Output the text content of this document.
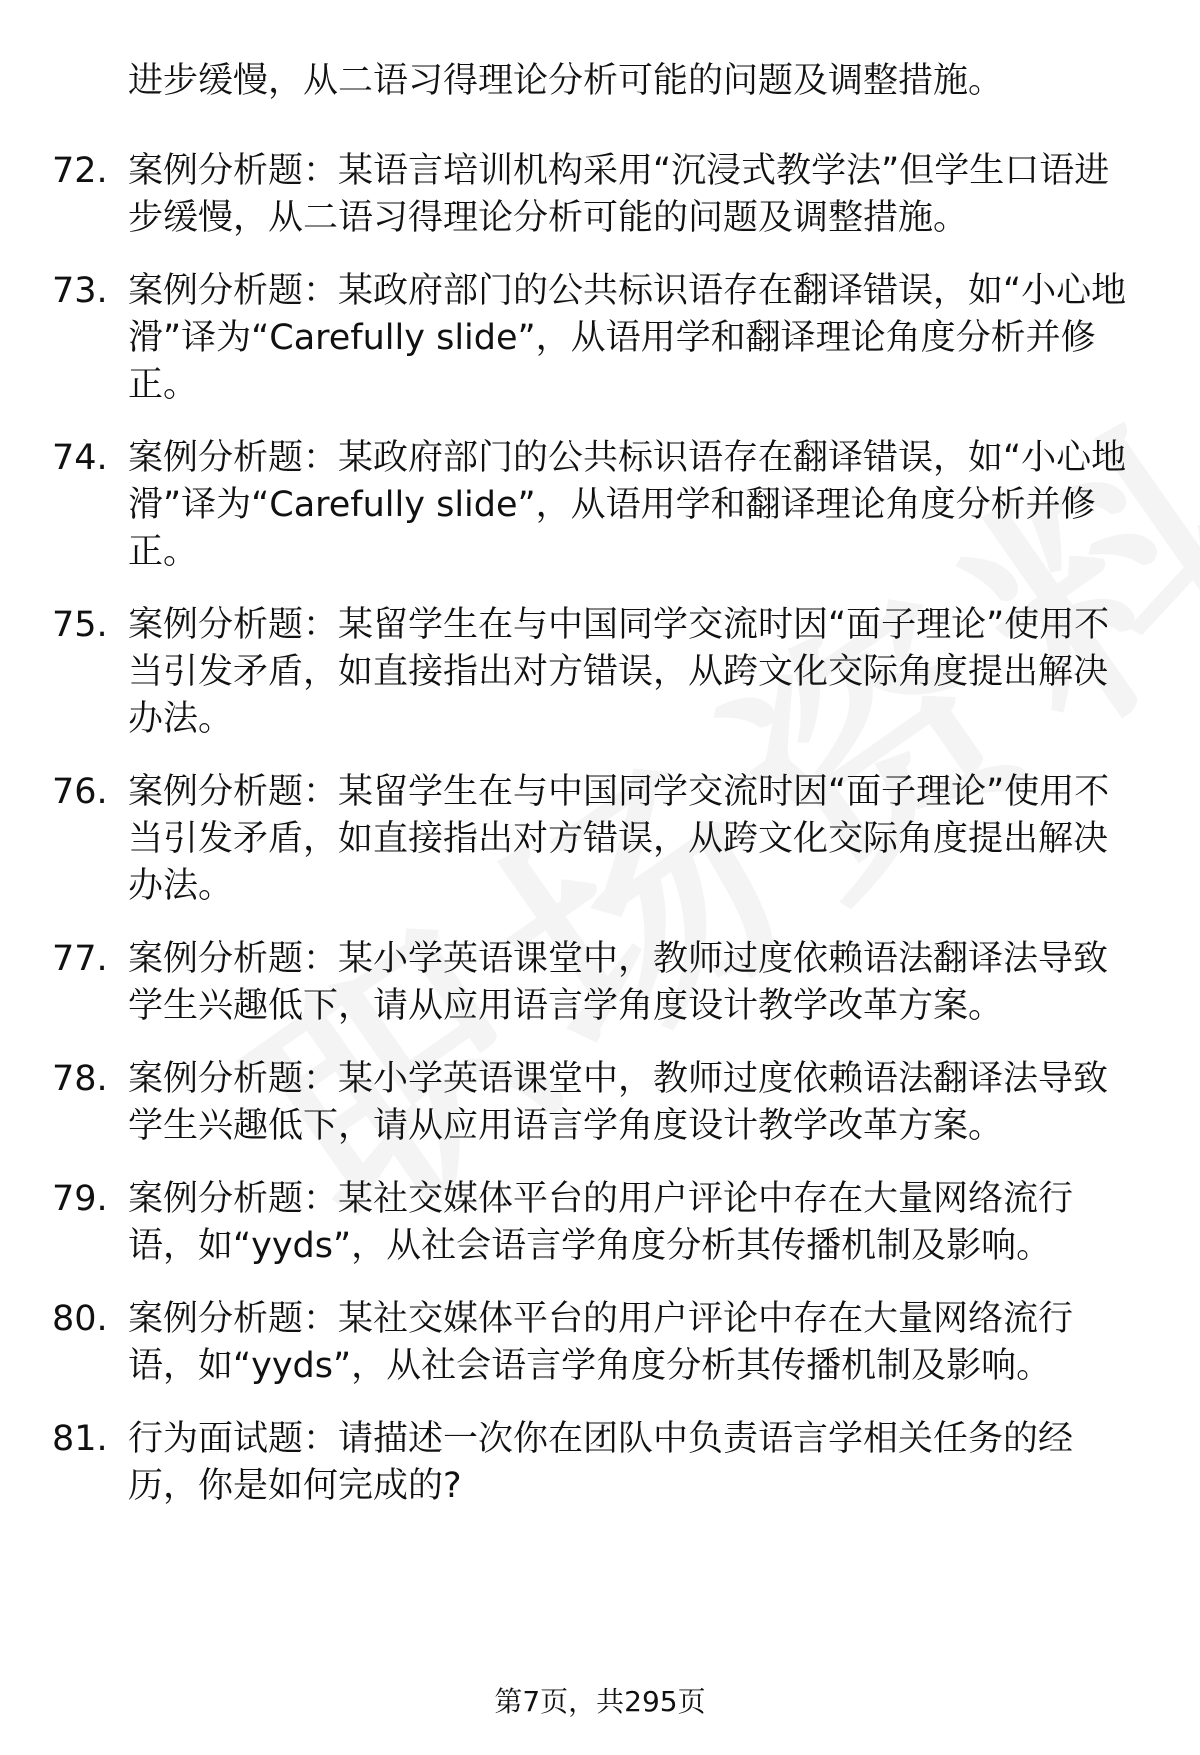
进步缓慢，从二语习得理论分析可能的问题及调整措施。
72. 案例分析题：某语言培训机构采用“沉浸式教学法”但学生口语进步缓慢，从二语习得理论分析可能的问题及调整措施。
73. 案例分析题：某政府部门的公共标识语存在翻译错误，如“小心地滑”译为“Carefully slide”，从语用学和翻译理论角度分析并修正。
74. 案例分析题：某政府部门的公共标识语存在翻译错误，如“小心地滑”译为“Carefully slide”，从语用学和翻译理论角度分析并修正。
75. 案例分析题：某留学生在与中国同学交流时因“面子理论”使用不当引发矛盾，如直接指出对方错误，从跨文化交际角度提出解决办法。
76. 案例分析题：某留学生在与中国同学交流时因“面子理论”使用不当引发矛盾，如直接指出对方错误，从跨文化交际角度提出解决办法。
77. 案例分析题：某小学英语课堂中，教师过度依赖语法翻译法导致学生兴趣低下，请从应用语言学角度设计教学改革方案。
78. 案例分析题：某小学英语课堂中，教师过度依赖语法翻译法导致学生兴趣低下，请从应用语言学角度设计教学改革方案。
79. 案例分析题：某社交媒体平台的用户评论中存在大量网络流行语，如“yyds”，从社会语言学角度分析其传播机制及影响。
80. 案例分析题：某社交媒体平台的用户评论中存在大量网络流行语，如“yyds”，从社会语言学角度分析其传播机制及影响。
81. 行为面试题：请描述一次你在团队中负责语言学相关任务的经历，你是如何完成的?
第7页，共295页
